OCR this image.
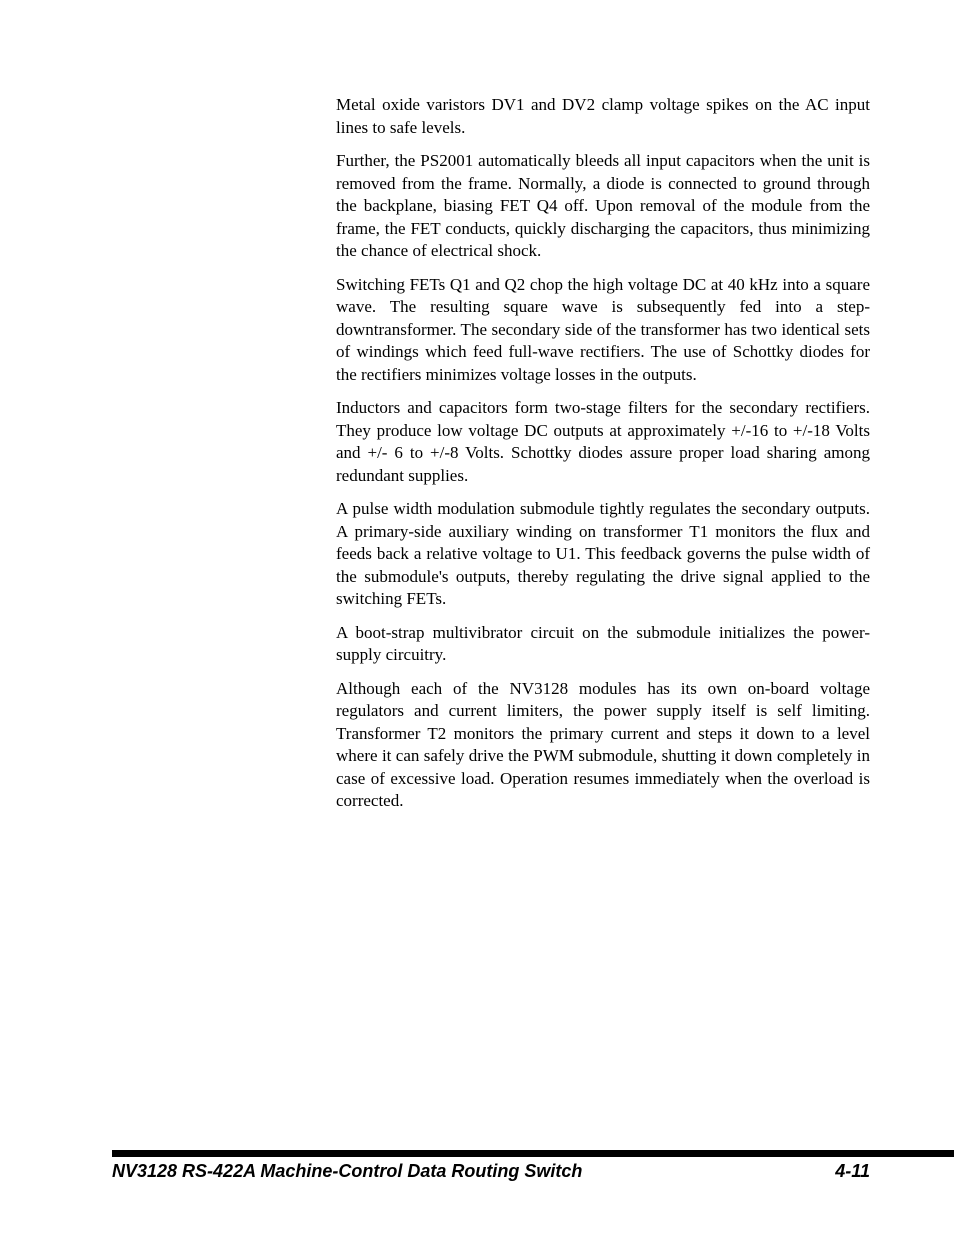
Metal oxide varistors DV1 and DV2 clamp voltage spikes on the AC input lines to safe levels.

Further, the PS2001 automatically bleeds all input capacitors when the unit is removed from the frame. Normally, a diode is connected to ground through the backplane, biasing FET Q4 off. Upon removal of the module from the frame, the FET conducts, quickly discharging the capacitors, thus minimizing the chance of electrical shock.

Switching FETs Q1 and Q2 chop the high voltage DC at 40 kHz into a square wave. The resulting square wave is subsequently fed into a step-downtransformer. The secondary side of the transformer has two identical sets of windings which feed full-wave rectifiers. The use of Schottky diodes for the rectifiers minimizes voltage losses in the outputs.

Inductors and capacitors form two-stage filters for the secondary rectifiers. They produce low voltage DC outputs at approximately +/-16 to +/-18 Volts and +/- 6 to +/-8 Volts. Schottky diodes assure proper load sharing among redundant supplies.

A pulse width modulation submodule tightly regulates the secondary outputs. A primary-side auxiliary winding on transformer T1 monitors the flux and feeds back a relative voltage to U1. This feedback governs the pulse width of the submodule's outputs, thereby regulating the drive signal applied to the switching FETs.

A boot-strap multivibrator circuit on the submodule initializes the power-supply circuitry.

Although each of the NV3128 modules has its own on-board voltage regulators and current limiters, the power supply itself is self limiting. Transformer T2 monitors the primary current and steps it down to a level where it can safely drive the PWM submodule, shutting it down completely in case of excessive load. Operation resumes immediately when the overload is corrected.

NV3128 RS-422A Machine-Control Data Routing Switch	4-11
